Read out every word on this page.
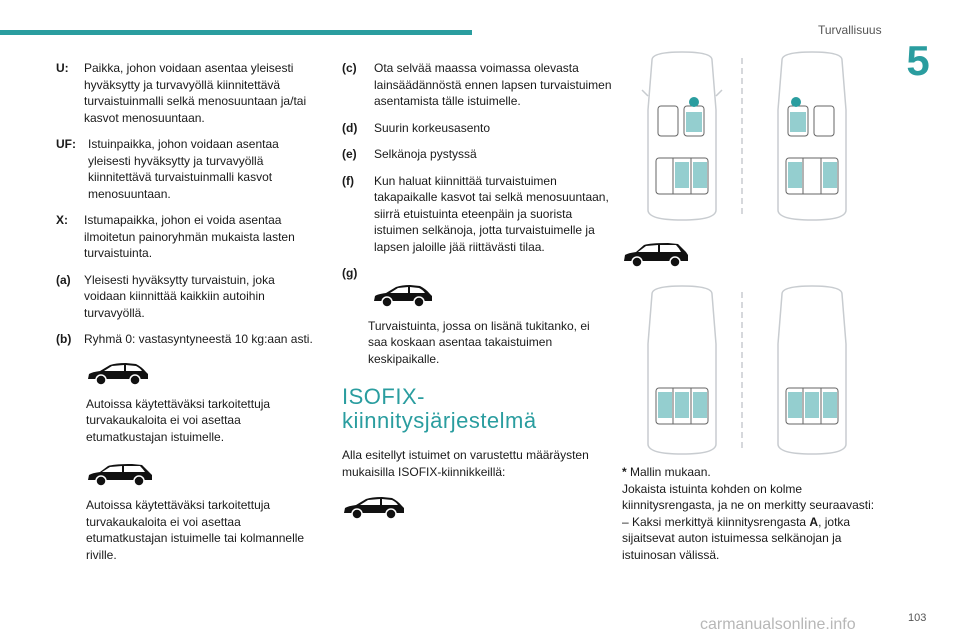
Turvallisuus
5
U:	Paikka, johon voidaan asentaa yleisesti hyväksytty ja turvavyöllä kiinnitettävä turvaistuinmalli selkä menosuuntaan ja/tai kasvot menosuuntaan.
UF:	Istuinpaikka, johon voidaan asentaa yleisesti hyväksytty ja turvavyöllä kiinnitettävä turvaistuinmalli kasvot menosuuntaan.
X:	Istumapaikka, johon ei voida asentaa ilmoitetun painoryhmän mukaista lasten turvaistuinta.
(a)	Yleisesti hyväksytty turvaistuin, joka voidaan kiinnittää kaikkiin autoihin turvavyöllä.
(b)	Ryhmä 0: vastasyntyneestä 10 kg:aan asti.
Autoissa käytettäväksi tarkoitettuja turvakaukaloita ei voi asettaa etumatkustajan istuimelle.
Autoissa käytettäväksi tarkoitettuja turvakaukaloita ei voi asettaa etumatkustajan istuimelle tai kolmannelle riville.
(c)	Ota selvää maassa voimassa olevasta lainsäädännöstä ennen lapsen turvaistuimen asentamista tälle istuimelle.
(d)	Suurin korkeusasento
(e)	Selkänoja pystyssä
(f)	Kun haluat kiinnittää turvaistuimen takapaikalle kasvot tai selkä menosuuntaan, siirrä etuistuinta eteenpäin ja suorista istuimen selkänoja, jotta turvaistuimelle ja lapsen jaloille jää riittävästi tilaa.
(g)
Turvaistuinta, jossa on lisänä tukitanko, ei saa koskaan asentaa takaistuimen keskipaikalle.
ISOFIX-
kiinnitysjärjestelmä
Alla esitellyt istuimet on varustettu määräysten mukaisilla ISOFIX-kiinnikkeillä:	* Mallin mukaan.
Jokaista istuinta kohden on kolme kiinnitysrengasta, ja ne on merkitty seuraavasti:
– Kaksi merkittyä kiinnitysrengasta A, jotka sijaitsevat auton istuimessa selkänojan ja istuinosan välissä.
103
carmanualsonline.info
